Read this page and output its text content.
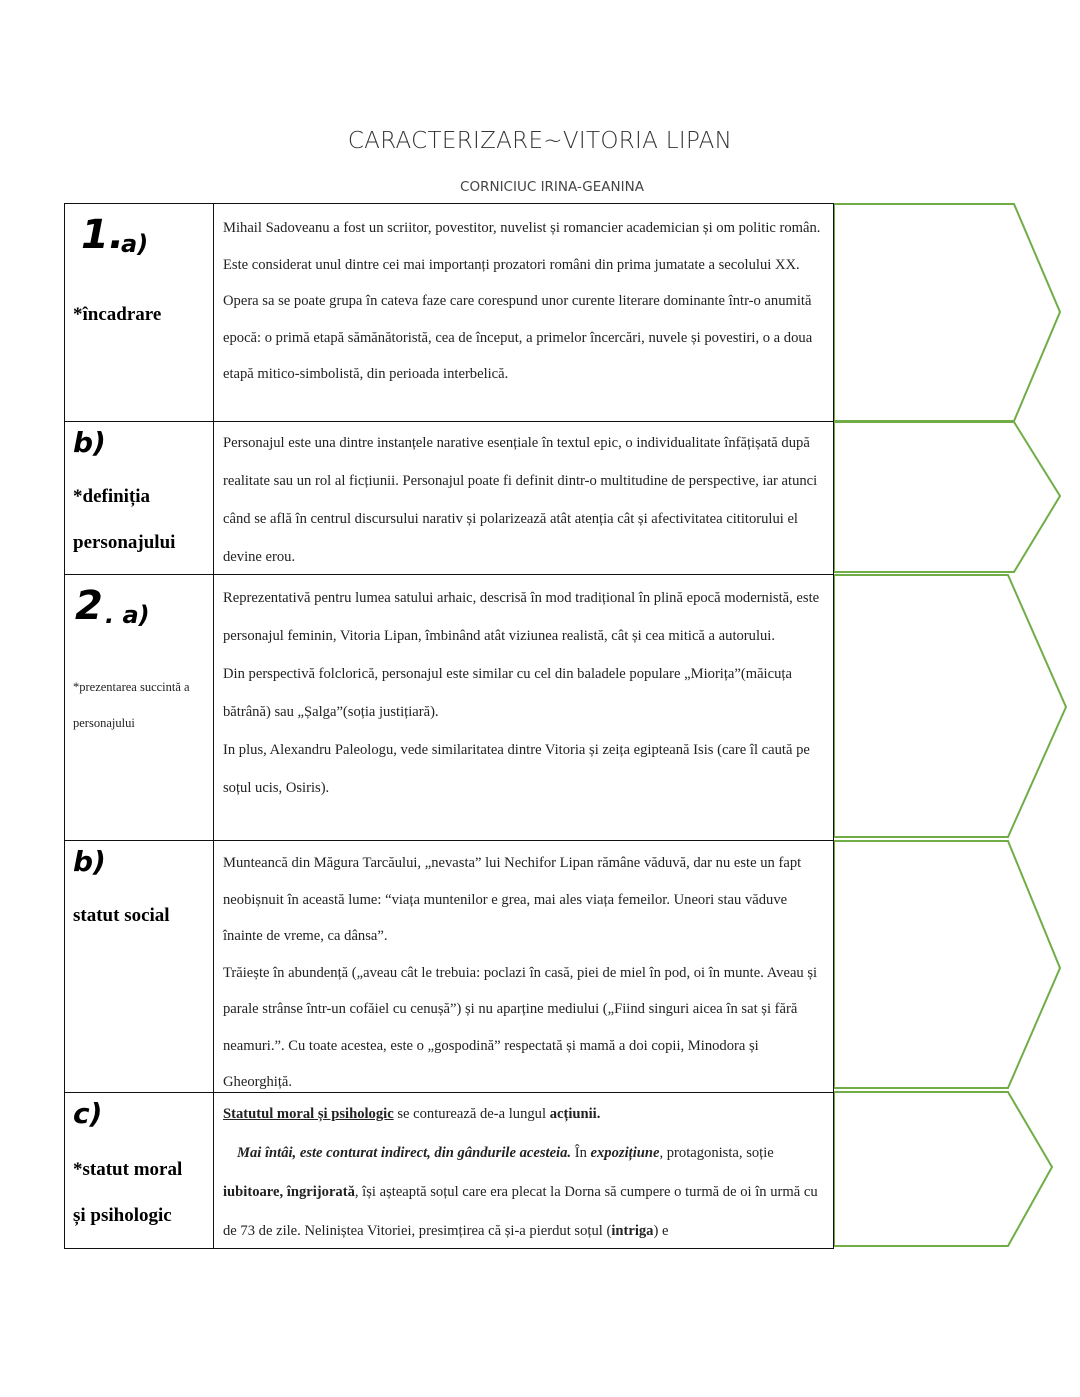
CARACTERIZARE~VITORIA LIPAN
CORNICIUC IRINA-GEANINA
1.
a)
*încadrare

Mihail Sadoveanu a fost un scriitor, povestitor, nuvelist și romancier academician și om politic român. Este considerat unul dintre cei mai importanți prozatori români din prima jumatate a secolului XX. Opera sa se poate grupa în cateva faze care corespund unor curente literare dominante într-o anumită epocă: o primă etapă sămănătoristă, cea de început, a primelor încercări, nuvele și povestiri, o a doua etapă mitico-simbolistă, din perioada interbelică.

b)
*definiția
personajului

Personajul este una dintre instanțele narative esențiale în textul epic, o individualitate înfățișată după realitate sau un rol al ficțiunii. Personajul poate fi definit dintr-o multitudine de perspective, iar atunci când se află în centrul discursului narativ și polarizează atât atenția cât și afectivitatea cititorului el devine erou.

2 . a)
*prezentarea succintă a
personajului

Reprezentativă pentru lumea satului arhaic, descrisă în mod tradițional în plină epocă modernistă, este personajul feminin, Vitoria Lipan, îmbinând atât viziunea realistă, cât și cea mitică a autorului.

Din perspectivă folclorică, personajul este similar cu cel din baladele populare „Miorița”(măicuța bătrână) sau „Șalga”(soția justițiară).

In plus, Alexandru Paleologu, vede similaritatea dintre Vitoria și zeița egipteană Isis (care îl caută pe soțul ucis, Osiris).

b)
statut social

Munteancă din Măgura Tarcăului, „nevasta” lui Nechifor Lipan rămâne văduvă, dar nu este un fapt neobișnuit în această lume: “viața muntenilor e grea, mai ales viața femeilor. Uneori stau văduve înainte de vreme, ca dânsa”.

Trăiește în abundență („aveau cât le trebuia: poclazi în casă, piei de miel în pod, oi în munte. Aveau și parale strânse într-un cofăiel cu cenușă”) și nu aparține mediului („Fiind singuri aicea în sat și fără neamuri.”. Cu toate acestea, este o „gospodină” respectată și mamă a doi copii, Minodora și Gheorghiță.

c)
*statut moral
și psihologic

Statutul moral și psihologic se conturează de-a lungul acțiunii.

Mai întâi, este conturat indirect, din gândurile acesteia. În expozițiune, protagonista, soție iubitoare, îngrijorată, își așteaptă soțul care era plecat la Dorna să cumpere o turmă de oi în urmă cu de 73 de zile. Neliniștea Vitoriei, presimțirea că și-a pierdut soțul (intriga) e
